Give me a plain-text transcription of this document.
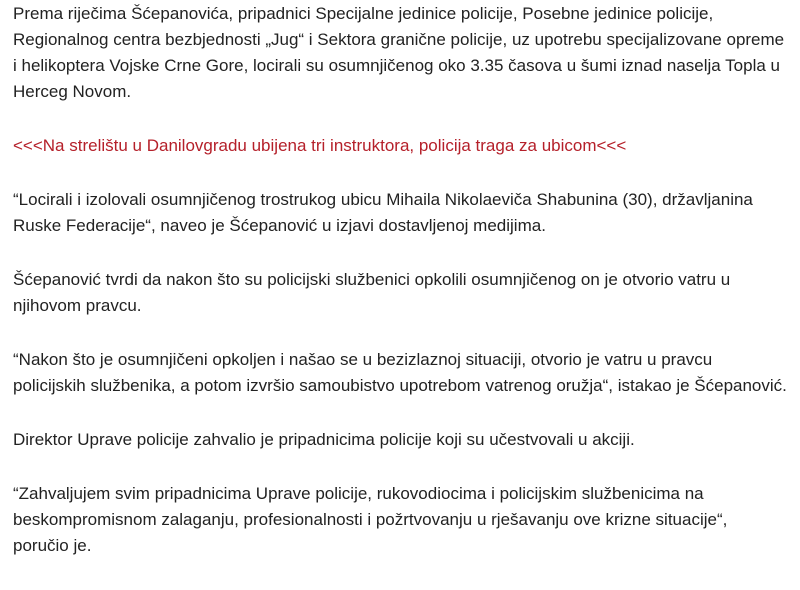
Prema riječima Šćepanovića, pripadnici Specijalne jedinice policije, Posebne jedinice policije, Regionalnog centra bezbjednosti „Jug“ i Sektora granične policije, uz upotrebu specijalizovane opreme i helikoptera Vojske Crne Gore, locirali su osumnjičenog oko 3.35 časova u šumi iznad naselja Topla u Herceg Novom.

<<<Na strelištu u Danilovgradu ubijena tri instruktora, policija traga za ubicom<<<

“Locirali i izolovali osumnjičenog trostrukog ubicu Mihaila Nikolaeviča Shabunina (30), državljanina Ruske Federacije“, naveo je Šćepanović u izjavi dostavljenoj medijima.

Šćepanović tvrdi da nakon što su policijski službenici opkolili osumnjičenog on je otvorio vatru u njihovom pravcu.

“Nakon što je osumnjičeni opkoljen i našao se u bezizlaznoj situaciji, otvorio je vatru u pravcu policijskih službenika, a potom izvršio samoubistvo upotrebom vatrenog oružja“, istakao je Šćepanović.

Direktor Uprave policije zahvalio je pripadnicima policije koji su učestvovali u akciji.

“Zahvaljujem svim pripadnicima Uprave policije, rukovodiocima i policijskim službenicima na beskompromisnom zalaganju, profesionalnosti i požrtvovanju u rješavanju ove krizne situacije“, poručio je.
